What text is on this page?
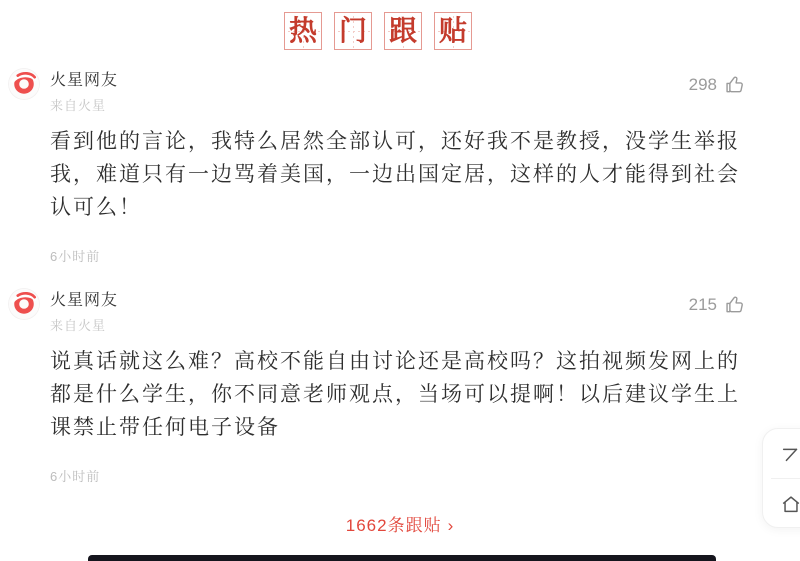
热 门 跟 贴
火星网友
来自火星
298
看到他的言论，我特么居然全部认可，还好我不是教授，没学生举报我，难道只有一边骂着美国，一边出国定居，这样的人才能得到社会认可么！
6小时前
火星网友
来自火星
215
说真话就这么难？高校不能自由讨论还是高校吗？这拍视频发网上的都是什么学生，你不同意老师观点，当场可以提啊！以后建议学生上课禁止带任何电子设备
6小时前
1662条跟贴 ›
